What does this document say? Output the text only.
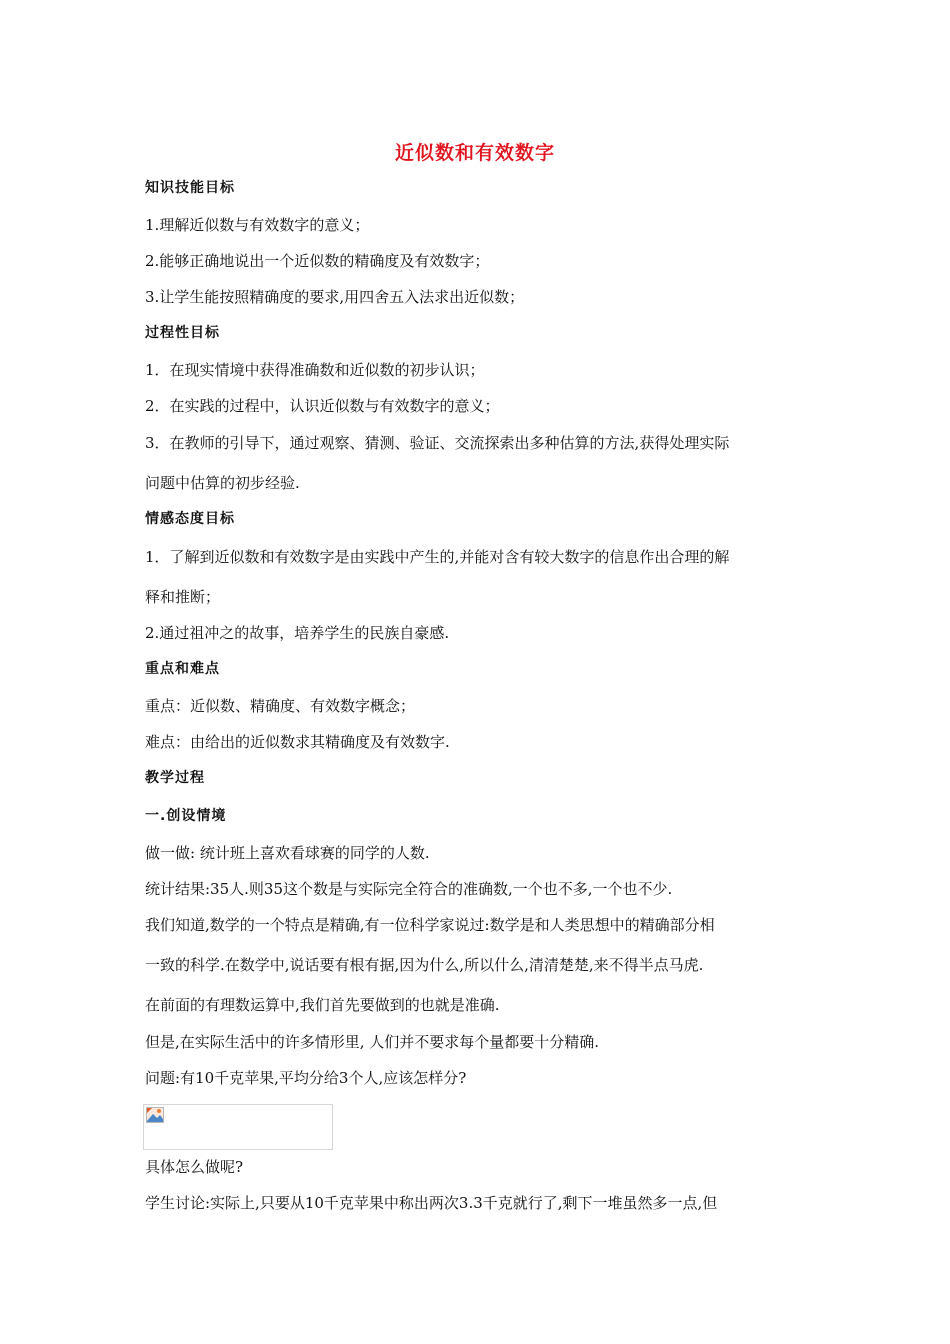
近似数和有效数字
知识技能目标
1.理解近似数与有效数字的意义；
2.能够正确地说出一个近似数的精确度及有效数字；
3.让学生能按照精确度的要求,用四舍五入法求出近似数；
过程性目标
1．在现实情境中获得准确数和近似数的初步认识；
2．在实践的过程中，认识近似数与有效数字的意义；
3．在教师的引导下，通过观察、猜测、验证、交流探索出多种估算的方法,获得处理实际
问题中估算的初步经验.
情感态度目标
1．了解到近似数和有效数字是由实践中产生的,并能对含有较大数字的信息作出合理的解
释和推断；
2.通过祖冲之的故事，培养学生的民族自豪感.
重点和难点
重点：近似数、精确度、有效数字概念；
难点：由给出的近似数求其精确度及有效数字.
教学过程
一.创设情境
做一做: 统计班上喜欢看球赛的同学的人数.
统计结果:35人.则35这个数是与实际完全符合的准确数,一个也不多,一个也不少.
我们知道,数学的一个特点是精确,有一位科学家说过:数学是和人类思想中的精确部分相
一致的科学.在数学中,说话要有根有据,因为什么,所以什么,清清楚楚,来不得半点马虎.
在前面的有理数运算中,我们首先要做到的也就是准确.
但是,在实际生活中的许多情形里, 人们并不要求每个量都要十分精确.
问题:有10千克苹果,平均分给3个人,应该怎样分?
具体怎么做呢?
学生讨论:实际上,只要从10千克苹果中称出两次3.3千克就行了,剩下一堆虽然多一点,但
